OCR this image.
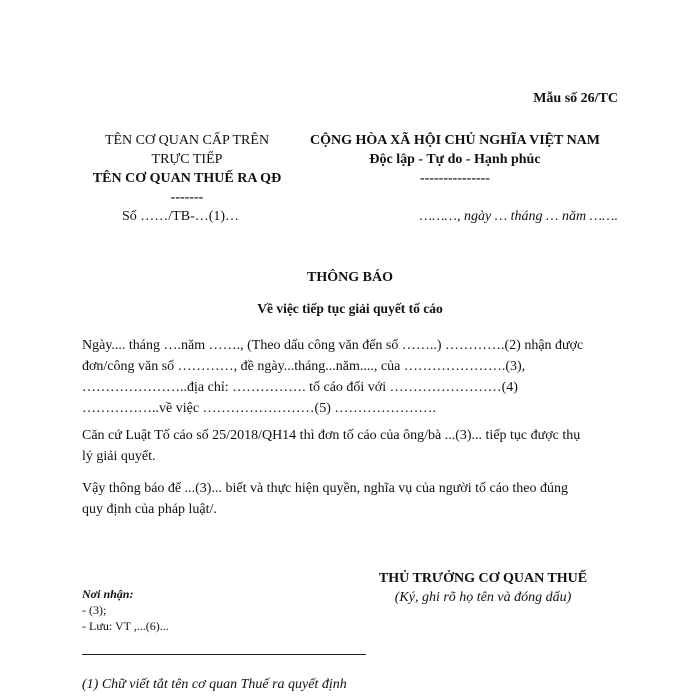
Mẫu số 26/TC
TÊN CƠ QUAN CẤP TRÊN
TRỰC TIẾP
TÊN CƠ QUAN THUẾ RA QĐ
-------
CỘNG HÒA XÃ HỘI CHỦ NGHĨA VIỆT NAM
Độc lập - Tự do - Hạnh phúc
---------------
Số ……/TB-…(1)…	………, ngày … tháng … năm …….
THÔNG BÁO
Về việc tiếp tục giải quyết tố cáo
Ngày.... tháng ….năm ……., (Theo dấu công văn đến số ……..) ………….(2) nhận được
đơn/công văn số …………, đề ngày...tháng...năm...., của ………………….(3),
…………………..địa chỉ: ……………. tố cáo đối với ……………………(4)
……………..về việc ……………………(5) ………………….
Căn cứ Luật Tố cáo số 25/2018/QH14 thì đơn tố cáo của ông/bà ...(3)... tiếp tục được thụ
lý giải quyết.
Vậy thông báo để ...(3)... biết và thực hiện quyền, nghĩa vụ của người tố cáo theo đúng
quy định của pháp luật/.
THỦ TRƯỞNG CƠ QUAN THUẾ
(Ký, ghi rõ họ tên và đóng dấu)
Nơi nhận:
- (3);
- Lưu: VT ,...(6)...
(1) Chữ viết tắt tên cơ quan Thuế ra quyết định
